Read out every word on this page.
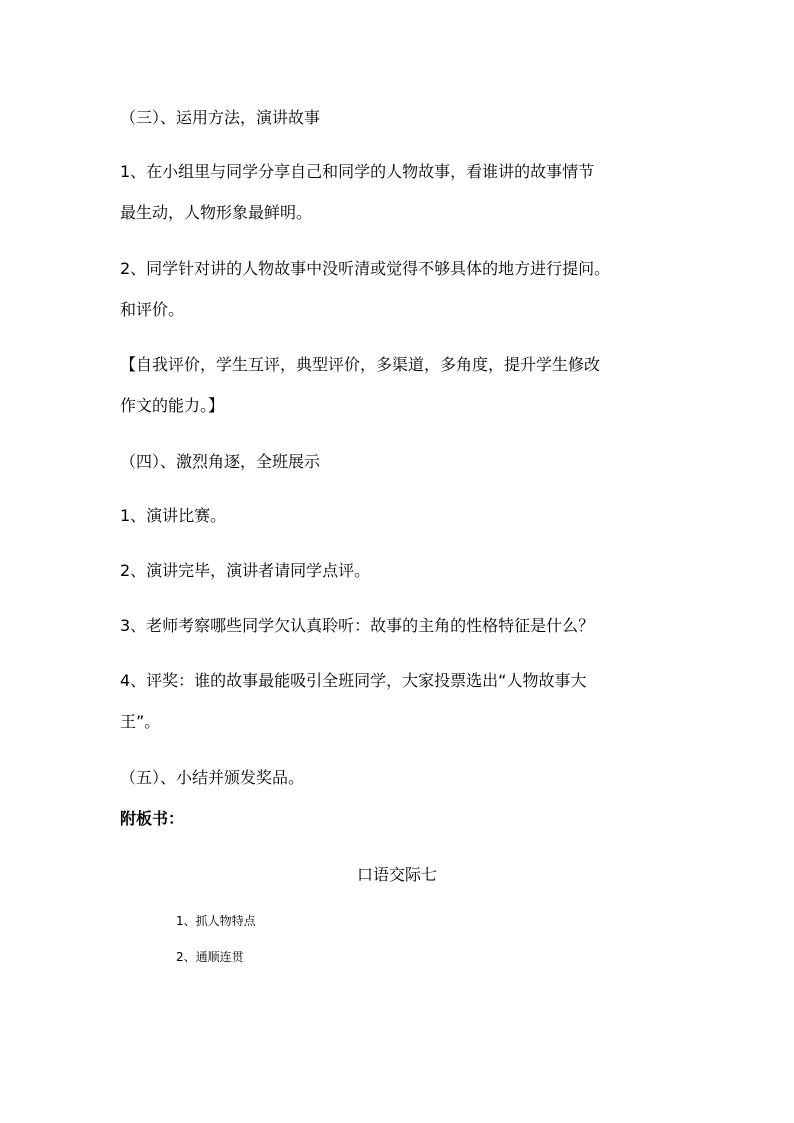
（三）、运用方法，演讲故事
1、在小组里与同学分享自己和同学的人物故事，看谁讲的故事情节
最生动，人物形象最鲜明。
2、同学针对讲的人物故事中没听清或觉得不够具体的地方进行提问。
和评价。
【自我评价，学生互评，典型评价，多渠道，多角度，提升学生修改
作文的能力。】
（四）、激烈角逐，全班展示
1、演讲比赛。
2、演讲完毕，演讲者请同学点评。
3、老师考察哪些同学欠认真聆听：故事的主角的性格特征是什么？
4、评奖：谁的故事最能吸引全班同学，大家投票选出“人物故事大
王”。
（五）、小结并颁发奖品。
附板书：
口语交际七
1、抓人物特点
2、通顺连贯
